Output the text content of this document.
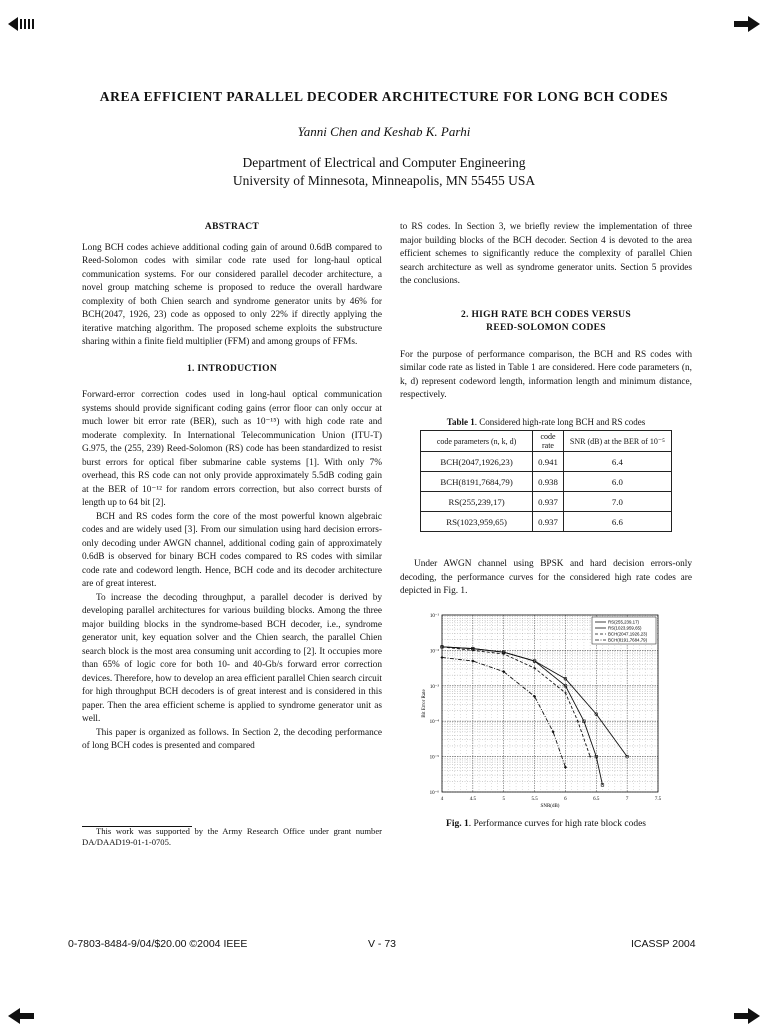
AREA EFFICIENT PARALLEL DECODER ARCHITECTURE FOR LONG BCH CODES
Yanni Chen and Keshab K. Parhi
Department of Electrical and Computer Engineering
University of Minnesota, Minneapolis, MN 55455 USA
ABSTRACT

Long BCH codes achieve additional coding gain of around 0.6dB compared to Reed-Solomon codes with similar code rate used for long-haul optical communication systems. For our considered parallel decoder architecture, a novel group matching scheme is proposed to reduce the overall hardware complexity of both Chien search and syndrome generator units by 46% for BCH(2047, 1926, 23) code as opposed to only 22% if directly applying the iterative matching algorithm. The proposed scheme exploits the substructure sharing within a finite field multiplier (FFM) and among groups of FFMs.

1. INTRODUCTION

Forward-error correction codes used in long-haul optical communication systems should provide significant coding gains (error floor can only occur at much lower bit error rate (BER), such as 10⁻¹⁵) with high code rate and moderate complexity. In International Telecommunication Union (ITU-T) G.975, the (255, 239) Reed-Solomon (RS) code has been standardized to resist burst errors for optical fiber submarine cable systems [1]. With only 7% overhead, this RS code can not only provide approximately 5.5dB coding gain at the BER of 10⁻¹² for random errors correction, but also correct bursts of length up to 64 bit [2].

BCH and RS codes form the core of the most powerful known algebraic codes and are widely used [3]. From our simulation using hard decision errors-only decoding under AWGN channel, additional coding gain of approximately 0.6dB is observed for binary BCH codes compared to RS codes with similar code rate and codeword length. Hence, BCH code and its decoder architecture are of great interest.

To increase the decoding throughput, a parallel decoder is derived by developing parallel architectures for various building blocks. Among the three major building blocks in the syndrome-based BCH decoder, i.e., syndrome generator unit, key equation solver and the Chien search, the parallel Chien search block is the most area consuming unit according to [2]. It occupies more than 65% of logic core for both 10- and 40-Gb/s forward error correction devices. Therefore, how to develop an area efficient parallel Chien search circuit for high throughput BCH decoders is of great interest and is considered in this paper. Then the area efficient scheme is applied to syndrome generator unit as well.

This paper is organized as follows. In Section 2, the decoding performance of long BCH codes is presented and compared

This work was supported by the Army Research Office under grant number DA/DAAD19-01-1-0705.

to RS codes. In Section 3, we briefly review the implementation of three major building blocks of the BCH decoder. Section 4 is devoted to the area efficient schemes to significantly reduce the complexity of parallel Chien search architecture as well as syndrome generator units. Section 5 provides the conclusions.

2. HIGH RATE BCH CODES VERSUS
REED-SOLOMON CODES

For the purpose of performance comparison, the BCH and RS codes with similar code rate as listed in Table 1 are considered. Here code parameters (n, k, d) represent codeword length, information length and minimum distance, respectively.

Table 1. Considered high-rate long BCH and RS codes
code parameters (n, k, d)	code rate	SNR (dB) at the BER of 10⁻⁵
BCH(2047,1926,23)	0.941	6.4
BCH(8191,7684,79)	0.938	6.0
RS(255,239,17)	0.937	7.0
RS(1023,959,65)	0.937	6.6

Under AWGN channel using BPSK and hard decision errors-only decoding, the performance curves for the considered high rate codes are depicted in Fig. 1.

10⁻¹
10⁻²
10⁻³
10⁻⁴
10⁻⁵
10⁻⁶
4	4.5	5	5.5	6	6.5	7	7.5
SNR(dB)
Bit Error Rate
RS(255,239,17)
RS(1023,959,65)
BCH(2047,1926,23)
BCH(8191,7684,79)
Fig. 1. Performance curves for high rate block codes
0-7803-8484-9/04/$20.00 ©2004 IEEE	V - 73	ICASSP 2004
